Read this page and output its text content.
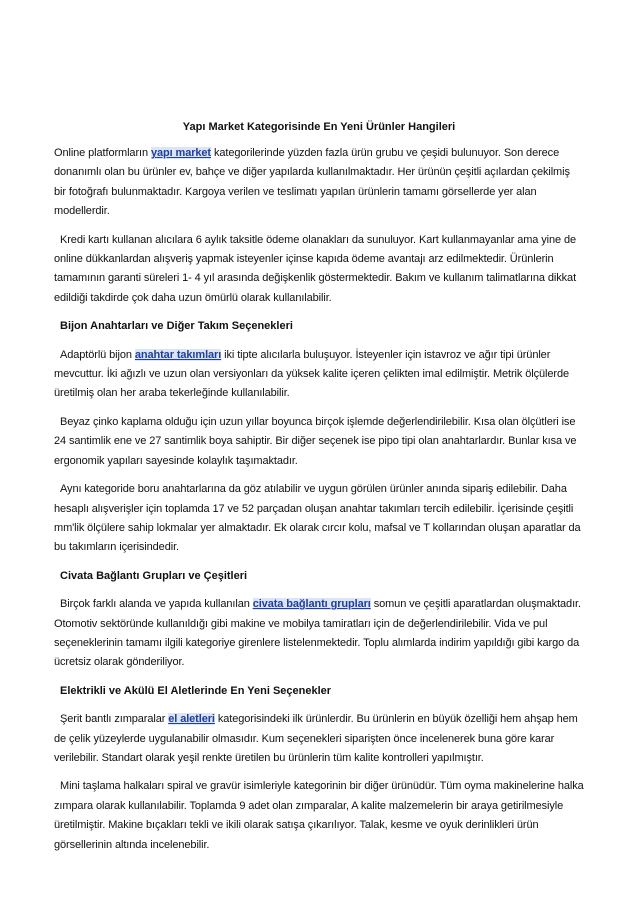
Yapı Market Kategorisinde En Yeni Ürünler Hangileri

Online platformların yapı market kategorilerinde yüzden fazla ürün grubu ve çeşidi bulunuyor. Son derece donanımlı olan bu ürünler ev, bahçe ve diğer yapılarda kullanılmaktadır. Her ürünün çeşitli açılardan çekilmiş bir fotoğrafı bulunmaktadır. Kargoya verilen ve teslimatı yapılan ürünlerin tamamı görsellerde yer alan modellerdir.

Kredi kartı kullanan alıcılara 6 aylık taksitle ödeme olanakları da sunuluyor. Kart kullanmayanlar ama yine de online dükkanlardan alışveriş yapmak isteyenler içinse kapıda ödeme avantajı arz edilmektedir. Ürünlerin tamamının garanti süreleri 1- 4 yıl arasında değişkenlik göstermektedir. Bakım ve kullanım talimatlarına dikkat edildiği takdirde çok daha uzun ömürlü olarak kullanılabilir.

Bijon Anahtarları ve Diğer Takım Seçenekleri

Adaptörlü bijon anahtar takımları iki tipte alıcılarla buluşuyor. İsteyenler için istavroz ve ağır tipi ürünler mevcuttur. İki ağızlı ve uzun olan versiyonları da yüksek kalite içeren çelikten imal edilmiştir. Metrik ölçülerde üretilmiş olan her araba tekerleğinde kullanılabilir.

Beyaz çinko kaplama olduğu için uzun yıllar boyunca birçok işlemde değerlendirilebilir. Kısa olan ölçütleri ise 24 santimlik ene ve 27 santimlik boya sahiptir. Bir diğer seçenek ise pipo tipi olan anahtarlardır. Bunlar kısa ve ergonomik yapıları sayesinde kolaylık taşımaktadır.

Aynı kategoride boru anahtarlarına da göz atılabilir ve uygun görülen ürünler anında sipariş edilebilir. Daha hesaplı alışverişler için toplamda 17 ve 52 parçadan oluşan anahtar takımları tercih edilebilir. İçerisinde çeşitli mm'lik ölçülere sahip lokmalar yer almaktadır. Ek olarak cırcır kolu, mafsal ve T kollarından oluşan aparatlar da bu takımların içerisindedir.

Civata Bağlantı Grupları ve Çeşitleri

Birçok farklı alanda ve yapıda kullanılan civata bağlantı grupları somun ve çeşitli aparatlardan oluşmaktadır. Otomotiv sektöründe kullanıldığı gibi makine ve mobilya tamiratları için de değerlendirilebilir. Vida ve pul seçeneklerinin tamamı ilgili kategoriye girenlere listelenmektedir. Toplu alımlarda indirim yapıldığı gibi kargo da ücretsiz olarak gönderiliyor.

Elektrikli ve Akülü El Aletlerinde En Yeni Seçenekler

Şerit bantlı zımparalar el aletleri kategorisindeki ilk ürünlerdir. Bu ürünlerin en büyük özelliği hem ahşap hem de çelik yüzeylerde uygulanabilir olmasıdır. Kum seçenekleri siparişten önce incelenerek buna göre karar verilebilir. Standart olarak yeşil renkte üretilen bu ürünlerin tüm kalite kontrolleri yapılmıştır.

Mini taşlama halkaları spiral ve gravür isimleriyle kategorinin bir diğer ürünüdür. Tüm oyma makinelerine halka zımpara olarak kullanılabilir. Toplamda 9 adet olan zımparalar, A kalite malzemelerin bir araya getirilmesiyle üretilmiştir. Makine bıçakları tekli ve ikili olarak satışa çıkarılıyor. Talak, kesme ve oyuk derinlikleri ürün görsellerinin altında incelenebilir.
